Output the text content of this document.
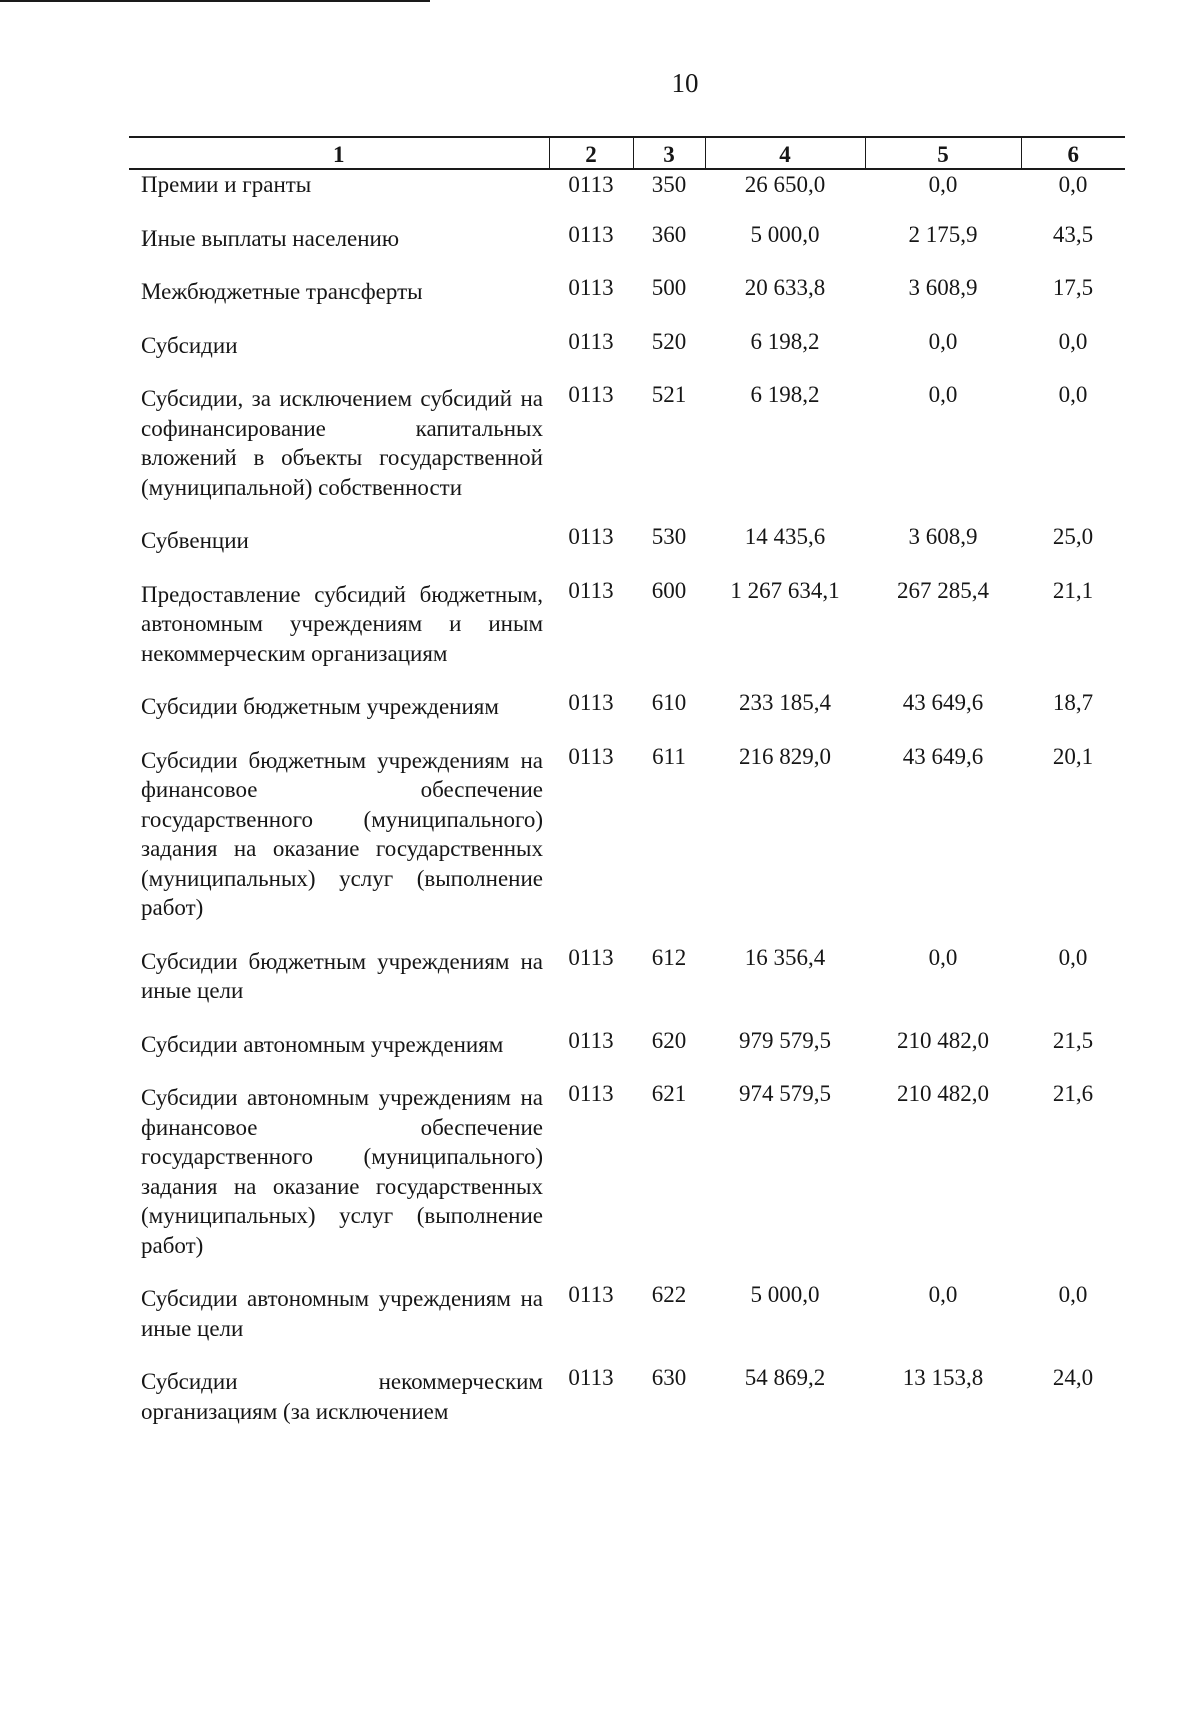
10
1	2	3	4	5	6
Премии и гранты	0113	350	26 650,0	0,0	0,0
Иные выплаты населению	0113	360	5 000,0	2 175,9	43,5
Межбюджетные трансферты	0113	500	20 633,8	3 608,9	17,5
Субсидии	0113	520	6 198,2	0,0	0,0
Субсидии, за исключением субсидий на софинансирование капитальных вложений в объекты государственной (муниципальной) собственности	0113	521	6 198,2	0,0	0,0
Субвенции	0113	530	14 435,6	3 608,9	25,0
Предоставление субсидий бюджетным, автономным учреждениям и иным некоммерческим организациям	0113	600	1 267 634,1	267 285,4	21,1
Субсидии бюджетным учреждениям	0113	610	233 185,4	43 649,6	18,7
Субсидии бюджетным учреждениям на финансовое обеспечение государственного (муниципального) задания на оказание государственных (муниципальных) услуг (выполнение работ)	0113	611	216 829,0	43 649,6	20,1
Субсидии бюджетным учреждениям на иные цели	0113	612	16 356,4	0,0	0,0
Субсидии автономным учреждениям	0113	620	979 579,5	210 482,0	21,5
Субсидии автономным учреждениям на финансовое обеспечение государственного (муниципального) задания на оказание государственных (муниципальных) услуг (выполнение работ)	0113	621	974 579,5	210 482,0	21,6
Субсидии автономным учреждениям на иные цели	0113	622	5 000,0	0,0	0,0
Субсидии некоммерческим организациям (за исключением	0113	630	54 869,2	13 153,8	24,0
